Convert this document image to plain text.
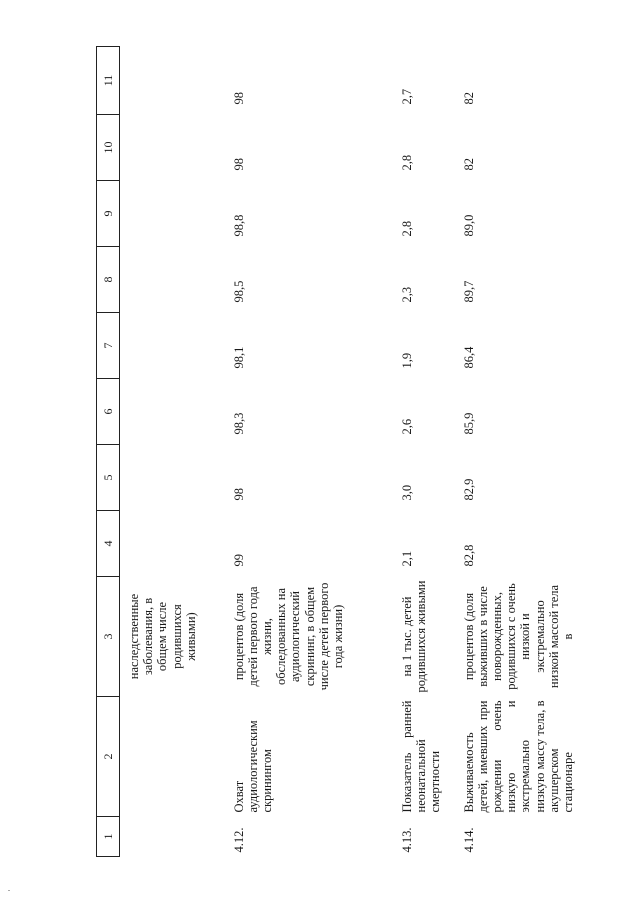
.
1	2	3	4	5	6	7	8	9	10	11
		наследственные заболевания, в общем числе родившихся живыми)								
4.12.	Охват аудиологическим скринингом	процентов (доля детей первого года жизни, обследованных на аудиологический скрининг, в общем числе детей первого года жизни)	99	98	98,3	98,1	98,5	98,8	98	98
4.13.	Показатель ранней неонатальной смертности	на 1 тыс. детей родившихся живыми	2,1	3,0	2,6	1,9	2,3	2,8	2,8	2,7
4.14.	Выживаемость детей, имевших при рождении очень низкую и экстремально низкую массу тела, в акушерском стационаре	процентов (доля выживших в числе новорожденных, родившихся с очень низкой и экстремально низкой массой тела в	82,8	82,9	85,9	86,4	89,7	89,0	82	82
